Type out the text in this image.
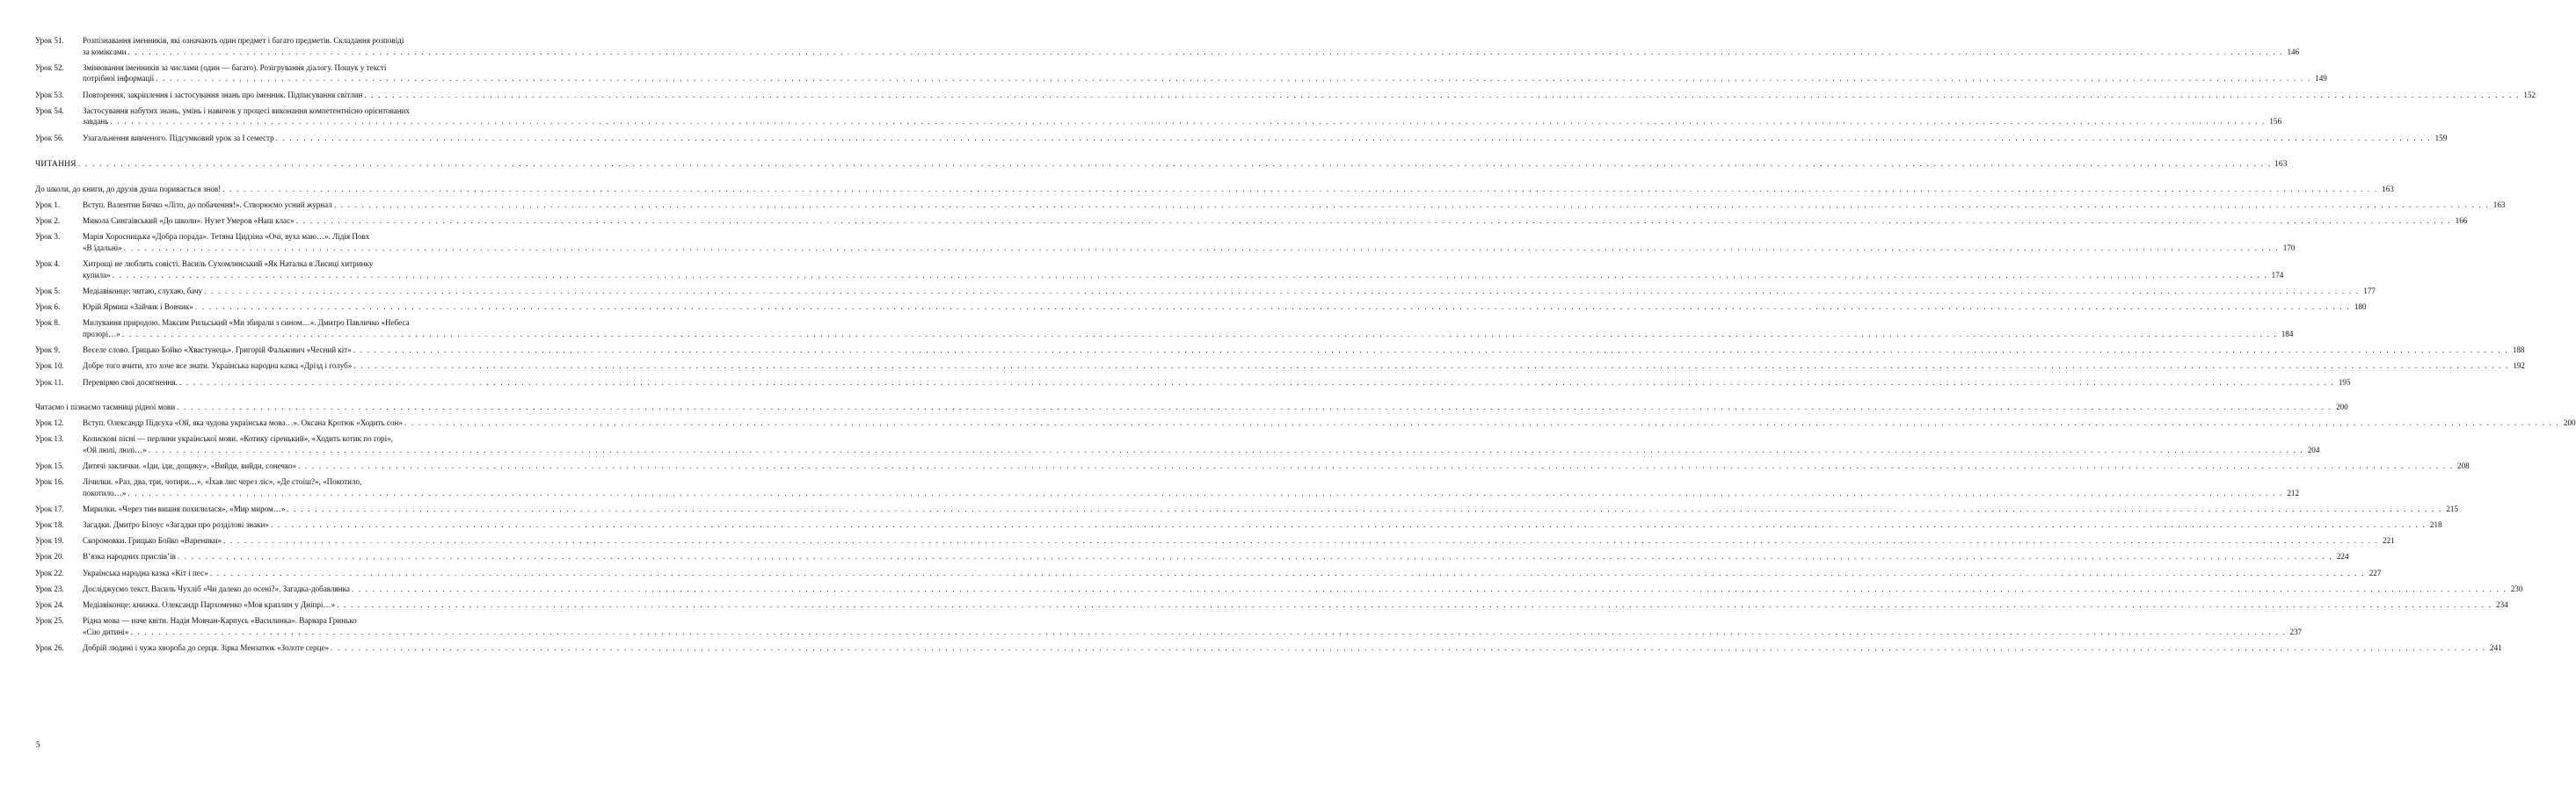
Урок 51.	Розпізнавання іменників, які означають один предмет і багато предметів. Складання розповіді
за комiксами . . .	146
Урок 52.	Змінювання іменників за числами (один — багато). Розігрування діалогу. Пошук у тексті
потрібної інформації . . .	149
Урок 53.	Повторення, закріплення і застосування знань про іменник. Підписування світлин . . .	152
Урок 54.	Застосування набутих знань, умінь і навичок у процесі виконання компетентнісно орієнтованих
завдань . . .	156
Урок 56.	Узагальнення вивченого. Підсумковий урок за I семестр . . .	159
ЧИТАННЯ . . .	163
До школи, до книги, до друзів душа поривається знов! . . .	163
Урок 1.	Вступ. Валентин Бичко «Літо, до побачення!». Створюємо усний журнал . . .	163
Урок 2.	Микола Сингаївський «До школи». Нузет Умеров «Наш клас» . . .	166
Урок 3.	Марія Хоросницька «Добра порада». Тетяна Цидзіна «Очі, вуха маю…». Лідія Повх
«В їдальні» . . .	170
Урок 4.	Хитрощі не люблять совісті. Василь Сухомлинський «Як Наталка в Лисиці хитринку
купила» . . .	174
Урок 5.	Медіавіконце: читаю, слухаю, бачу . . .	177
Урок 6.	Юрій Ярмиш «Зайчик і Вовчик» . . .	180
Урок 8.	Милування природою. Максим Рильський «Ми збирали з сином…». Дмитро Павличко «Небеса
прозорі…» . . .	184
Урок 9.	Веселе слово. Грицько Бойко «Хвастунець». Григорій Фалькович «Чесний кіт» . . .	188
Урок 10.	Добре того вчити, хто хоче все знати. Українська народна казка «Дрізд і голуб» . . .	192
Урок 11.	Перевіряю свої досягнення. . . .	195
Читаємо і пізнаємо таємниці рідної мови . . .	200
Урок 12.	Вступ. Олександр Підсуха «Ой, яка чудова українська мова…». Оксана Кротюк «Ходить сон» . . .	200
Урок 13.	Колискові пісні — перлини української мови. «Котику сіренький», «Ходить котик по горі»,
«Ой люлі, люлі…» . . .	204
Урок 15.	Дитячі заклички. «Іди, іди, дощику», «Вийди, вийди, сонечко» . . .	208
Урок 16.	Лічилки. «Раз, два, три, чотири…», «Їхав лис через ліс», «Де стоїш?», «Покотило,
покотило…» . . .	212
Урок 17.	Мирилки. «Через тин вишня похилилася», «Мир миром…» . . .	215
Урок 18.	Загадки. Дмитро Білоус «Загадки про розділові знаки» . . .	218
Урок 19.	Скоромовки. Грицько Бойко «Вареники» . . .	221
Урок 20.	В’язка народних прислів’їв . . .	224
Урок 22.	Українська народна казка «Кіт і пес» . . .	227
Урок 23.	Досліджуємо текст. Василь Чухліб «Чи далеко до осені?». Загадка-добавлянка . . .	230
Урок 24.	Медіавіконце: книжка. Олександр Пархоменко «Мов краплин у Дніпрі…» . . .	234
Урок 25.	Рідна мова — наче квіти. Надія Мовчан-Карпусь «Василинка». Варвара Гринько
«Сію дитині» . . .	237
Урок 26.	Добрій людині і чужа хвороба до серця. Зірка Мензатюк «Золоте серце» . . .	241
5
